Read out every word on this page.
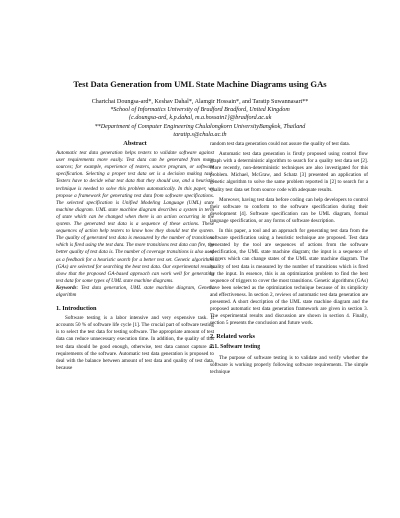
Test Data Generation from UML State Machine Diagrams using GAs
Chartchai Doungsa-ard*, Keshav Dahal*, Alamgir Hossain*, and Taratip Suwannasart**
*School of Informatics University of Bradford Bradford, United Kingdom
{c.doungsa-ard, k.p.dahal, m.a.hossain1}@bradford.ac.uk
**Department of Computer Engineering Chulalongkorn UniversityBangkok, Thailand
taratip.s@chula.ac.th
Abstract

Automatic test data generation helps testers to validate software against user requirements more easily. Test data can be generated from many sources; for example, experience of testers, source program, or software specification. Selecting a proper test data set is a decision making task. Testers have to decide what test data that they should use, and a heuristic technique is needed to solve this problem automatically. In this paper, we propose a framework for generating test data from software specifications. The selected specification is Unified Modeling Language (UML) state machine diagram. UML state machine diagram describes a system in term of state which can be changed when there is an action occurring in the system. The generated test data is a sequence of these actions. These sequences of action help testers to know how they should test the system. The quality of generated test data is measured by the number of transitions which is fired using the test data. The more transitions test data can fire, the better quality of test data is. The number of coverage transitions is also used as a feedback for a heuristic search for a better test set. Genetic algorithms (GAs) are selected for searching the best test data. Our experimental results show that the proposed GA-based approach can work well for generating test data for some types of UML state machine diagrams.

Keywords: Test data generation, UML state machine diagram, Genetic algorithm

1. Introduction

Software testing is a labor intensive and very expensive task. It accounts 50 % of software life cycle [1]. The crucial part of software testing is to select the test data for testing software. The appropriate amount of test data can reduce unnecessary execution time. In addition, the quality of this test data should be good enough, otherwise, test data cannot capture all requirements of the software. Automatic test data generation is proposed to deal with the balance between amount of test data and quality of test data, because

random test data generation could not assure the quality of test data.

Automatic test data generation is firstly proposed using control flow graph with a deterministic algorithm to search for a quality test data set [2]. More recently, non-deterministic techniques are also investigated for this problem. Michael, McGraw, and Schatz [3] presented an application of genetic algorithm to solve the same problem reported in [2] to search for a quality test data set from source code with adequate results.

Moreover, having test data before coding can help developers to control their software to conform to the software specification during their development [4]. Software specification can be UML diagram, formal language specification, or any forms of software description.

In this paper, a tool and an approach for generating test data from the software specification using a heuristic technique are proposed. Test data generated by the tool are sequences of actions from the software specification, the UML state machine diagram; the input is a sequence of triggers which can change states of the UML state machine diagram. The quality of test data is measured by the number of transitions which is fired by the input. In essence, this is an optimization problem to find the best sequence of triggers to cover the most transitions. Genetic algorithms (GAs) have been selected as the optimization technique because of its simplicity and effectiveness. In section 2, reviews of automatic test data generation are presented. A short description of the UML state machine diagram and the proposed automatic test data generation framework are given in section 3. The experimental results and discussion are shown in section 4. Finally, section 5 presents the conclusion and future work.

2. Related works
2.1. Software testing

The purpose of software testing is to validate and verify whether the software is working properly following software requirements. The simple technique
